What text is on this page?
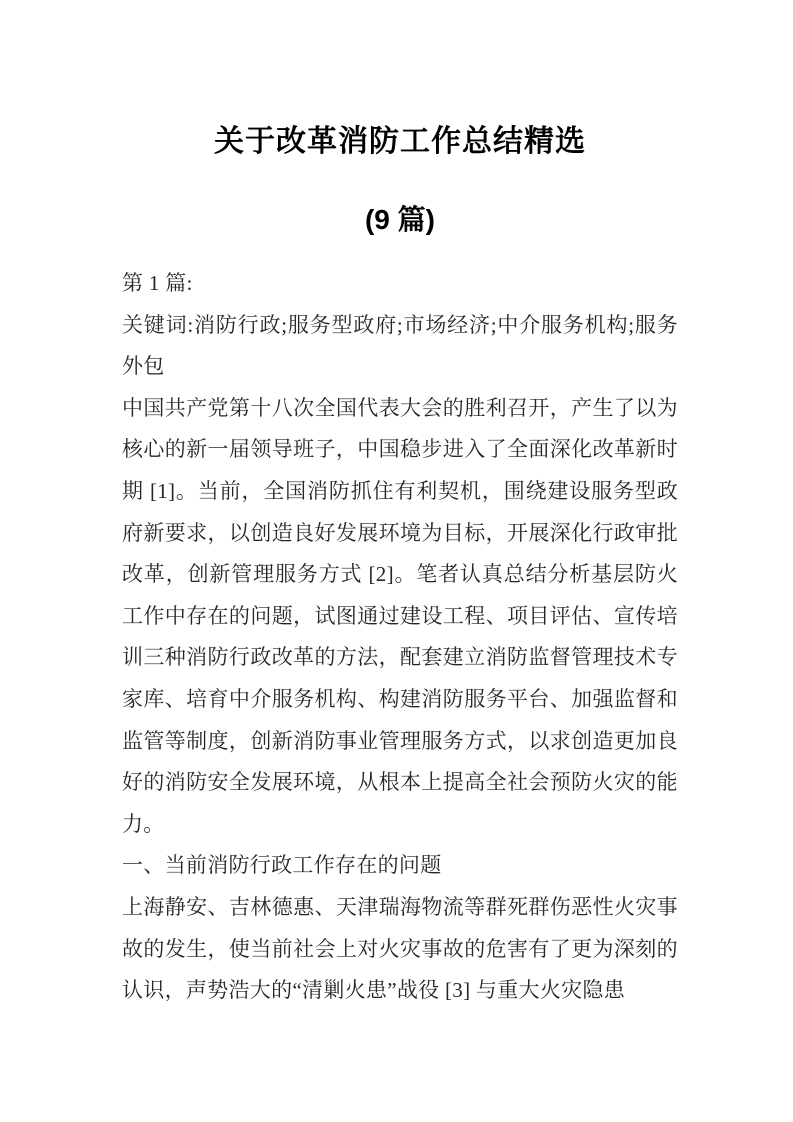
关于改革消防工作总结精选
(9 篇)

第 1 篇:

关键词:消防行政;服务型政府;市场经济;中介服务机构;服务外包

中国共产党第十八次全国代表大会的胜利召开，产生了以为核心的新一届领导班子，中国稳步进入了全面深化改革新时期 [1]。当前，全国消防抓住有利契机，围绕建设服务型政府新要求，以创造良好发展环境为目标，开展深化行政审批改革，创新管理服务方式 [2]。笔者认真总结分析基层防火工作中存在的问题，试图通过建设工程、项目评估、宣传培训三种消防行政改革的方法，配套建立消防监督管理技术专家库、培育中介服务机构、构建消防服务平台、加强监督和监管等制度，创新消防事业管理服务方式，以求创造更加良好的消防安全发展环境，从根本上提高全社会预防火灾的能力。

一、当前消防行政工作存在的问题

上海静安、吉林德惠、天津瑞海物流等群死群伤恶性火灾事故的发生，使当前社会上对火灾事故的危害有了更为深刻的认识，声势浩大的“清剿火患”战役 [3] 与重大火灾隐患
